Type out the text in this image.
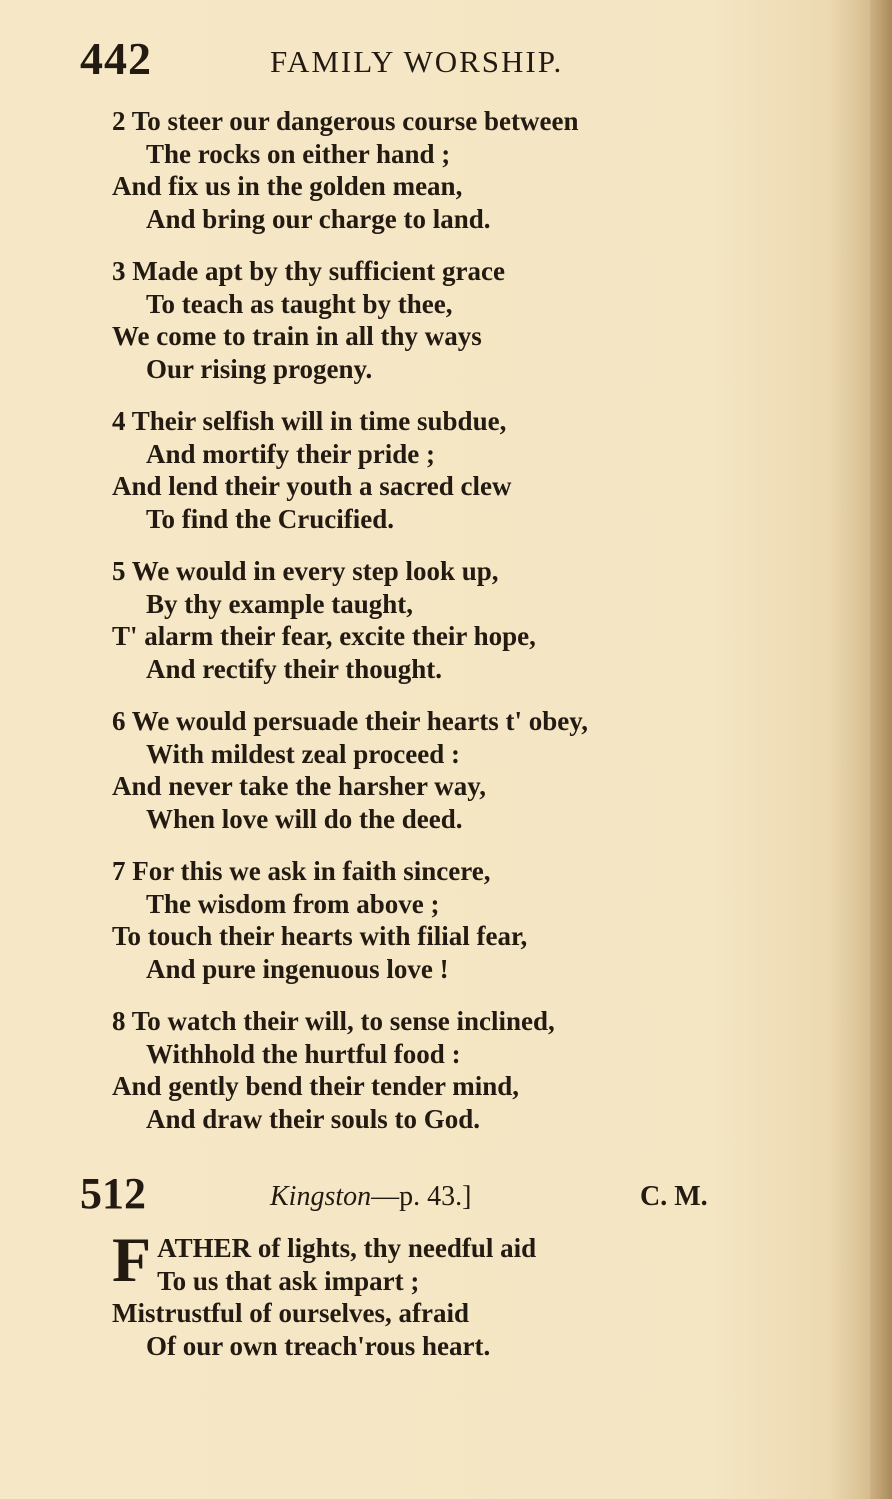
442	FAMILY WORSHIP.
2 To steer our dangerous course between
The rocks on either hand ;
And fix us in the golden mean,
And bring our charge to land.
3 Made apt by thy sufficient grace
To teach as taught by thee,
We come to train in all thy ways
Our rising progeny.
4 Their selfish will in time subdue,
And mortify their pride ;
And lend their youth a sacred clew
To find the Crucified.
5 We would in every step look up,
By thy example taught,
T' alarm their fear, excite their hope,
And rectify their thought.
6 We would persuade their hearts t' obey,
With mildest zeal proceed :
And never take the harsher way,
When love will do the deed.
7 For this we ask in faith sincere,
The wisdom from above ;
To touch their hearts with filial fear,
And pure ingenuous love !
8 To watch their will, to sense inclined,
Withhold the hurtful food :
And gently bend their tender mind,
And draw their souls to God.
512	Kingston—p. 43.]	C. M.
F ATHER of lights, thy needful aid
To us that ask impart ;
Mistrustful of ourselves, afraid
Of our own treach'rous heart.
